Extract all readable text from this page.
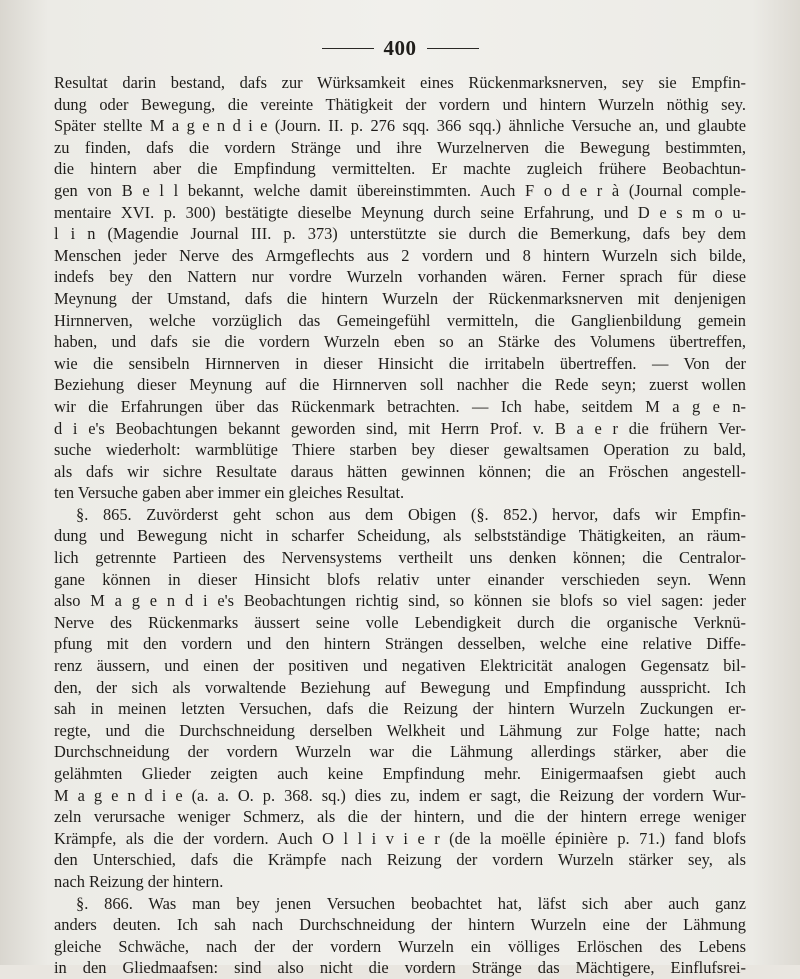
400
Resultat darin bestand, dafs zur Würksamkeit eines Rückenmarksnerven, sey sie Empfin-
dung oder Bewegung, die vereinte Thätigkeit der vordern und hintern Wurzeln nöthig sey.
Später stellte M a g e n d i e (Journ. II. p. 276 sqq. 366 sqq.) ähnliche Versuche an, und glaubte
zu finden, dafs die vordern Stränge und ihre Wurzelnerven die Bewegung bestimmten,
die hintern aber die Empfindung vermittelten. Er machte zugleich frühere Beobachtun-
gen von B e l l bekannt, welche damit übereinstimmten. Auch F o d e r à (Journal comple-
mentaire XVI. p. 300) bestätigte dieselbe Meynung durch seine Erfahrung, und D e s m o u-
l i n (Magendie Journal III. p. 373) unterstützte sie durch die Bemerkung, dafs bey dem
Menschen jeder Nerve des Armgeflechts aus 2 vordern und 8 hintern Wurzeln sich bilde,
indefs bey den Nattern nur vordre Wurzeln vorhanden wären. Ferner sprach für diese
Meynung der Umstand, dafs die hintern Wurzeln der Rückenmarksnerven mit denjenigen
Hirnnerven, welche vorzüglich das Gemeingefühl vermitteln, die Ganglienbildung gemein
haben, und dafs sie die vordern Wurzeln eben so an Stärke des Volumens übertreffen,
wie die sensibeln Hirnnerven in dieser Hinsicht die irritabeln übertreffen. — Von der
Beziehung dieser Meynung auf die Hirnnerven soll nachher die Rede seyn; zuerst wollen
wir die Erfahrungen über das Rückenmark betrachten. — Ich habe, seitdem M a g e n-
d i e's Beobachtungen bekannt geworden sind, mit Herrn Prof. v. B a e r die frühern Ver-
suche wiederholt: warmblütige Thiere starben bey dieser gewaltsamen Operation zu bald,
als dafs wir sichre Resultate daraus hätten gewinnen können; die an Fröschen angestell-
ten Versuche gaben aber immer ein gleiches Resultat.
§. 865. Zuvörderst geht schon aus dem Obigen (§. 852.) hervor, dafs wir Empfin-
dung und Bewegung nicht in scharfer Scheidung, als selbstständige Thätigkeiten, an räum-
lich getrennte Partieen des Nervensystems vertheilt uns denken können; die Centralor-
gane können in dieser Hinsicht blofs relativ unter einander verschieden seyn. Wenn
also M a g e n d i e's Beobachtungen richtig sind, so können sie blofs so viel sagen: jeder
Nerve des Rückenmarks äussert seine volle Lebendigkeit durch die organische Verknü-
pfung mit den vordern und den hintern Strängen desselben, welche eine relative Diffe-
renz äussern, und einen der positiven und negativen Elektricität analogen Gegensatz bil-
den, der sich als vorwaltende Beziehung auf Bewegung und Empfindung ausspricht. Ich
sah in meinen letzten Versuchen, dafs die Reizung der hintern Wurzeln Zuckungen er-
regte, und die Durchschneidung derselben Welkheit und Lähmung zur Folge hatte; nach
Durchschneidung der vordern Wurzeln war die Lähmung allerdings stärker, aber die
gelähmten Glieder zeigten auch keine Empfindung mehr. Einigermaafsen giebt auch
M a g e n d i e (a. a. O. p. 368. sq.) dies zu, indem er sagt, die Reizung der vordern Wur-
zeln verursache weniger Schmerz, als die der hintern, und die der hintern errege weniger
Krämpfe, als die der vordern. Auch O l l i v i e r (de la moëlle épinière p. 71.) fand blofs
den Unterschied, dafs die Krämpfe nach Reizung der vordern Wurzeln stärker sey, als
nach Reizung der hintern.
§. 866. Was man bey jenen Versuchen beobachtet hat, läfst sich aber auch ganz
anders deuten. Ich sah nach Durchschneidung der hintern Wurzeln eine der Lähmung
gleiche Schwäche, nach der der vordern Wurzeln ein völliges Erlöschen des Lebens
in den Gliedmaafsen: sind also nicht die vordern Stränge das Mächtigere, Einflufsrei-
